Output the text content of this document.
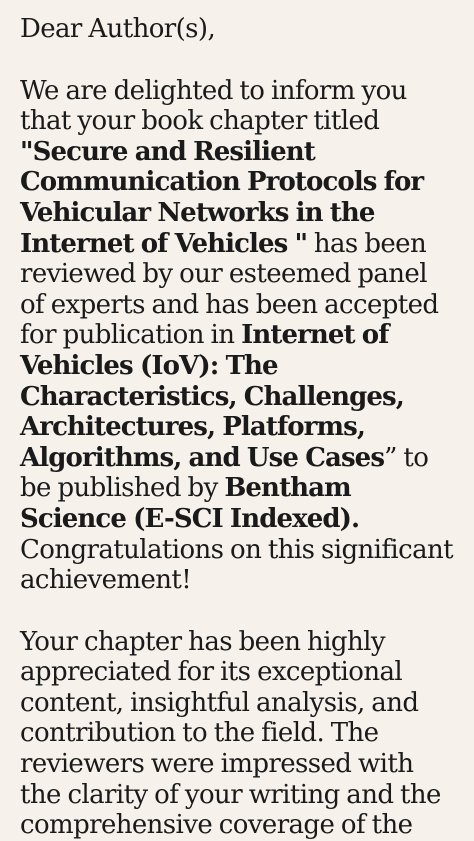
Dear Author(s),

We are delighted to inform you that your book chapter titled "Secure and Resilient Communication Protocols for Vehicular Networks in the Internet of Vehicles " has been reviewed by our esteemed panel of experts and has been accepted for publication in Internet of Vehicles (IoV): The Characteristics, Challenges, Architectures, Platforms, Algorithms, and Use Cases” to be published by Bentham Science (E-SCI Indexed). Congratulations on this significant achievement!

Your chapter has been highly appreciated for its exceptional content, insightful analysis, and contribution to the field. The reviewers were impressed with the clarity of your writing and the comprehensive coverage of the
